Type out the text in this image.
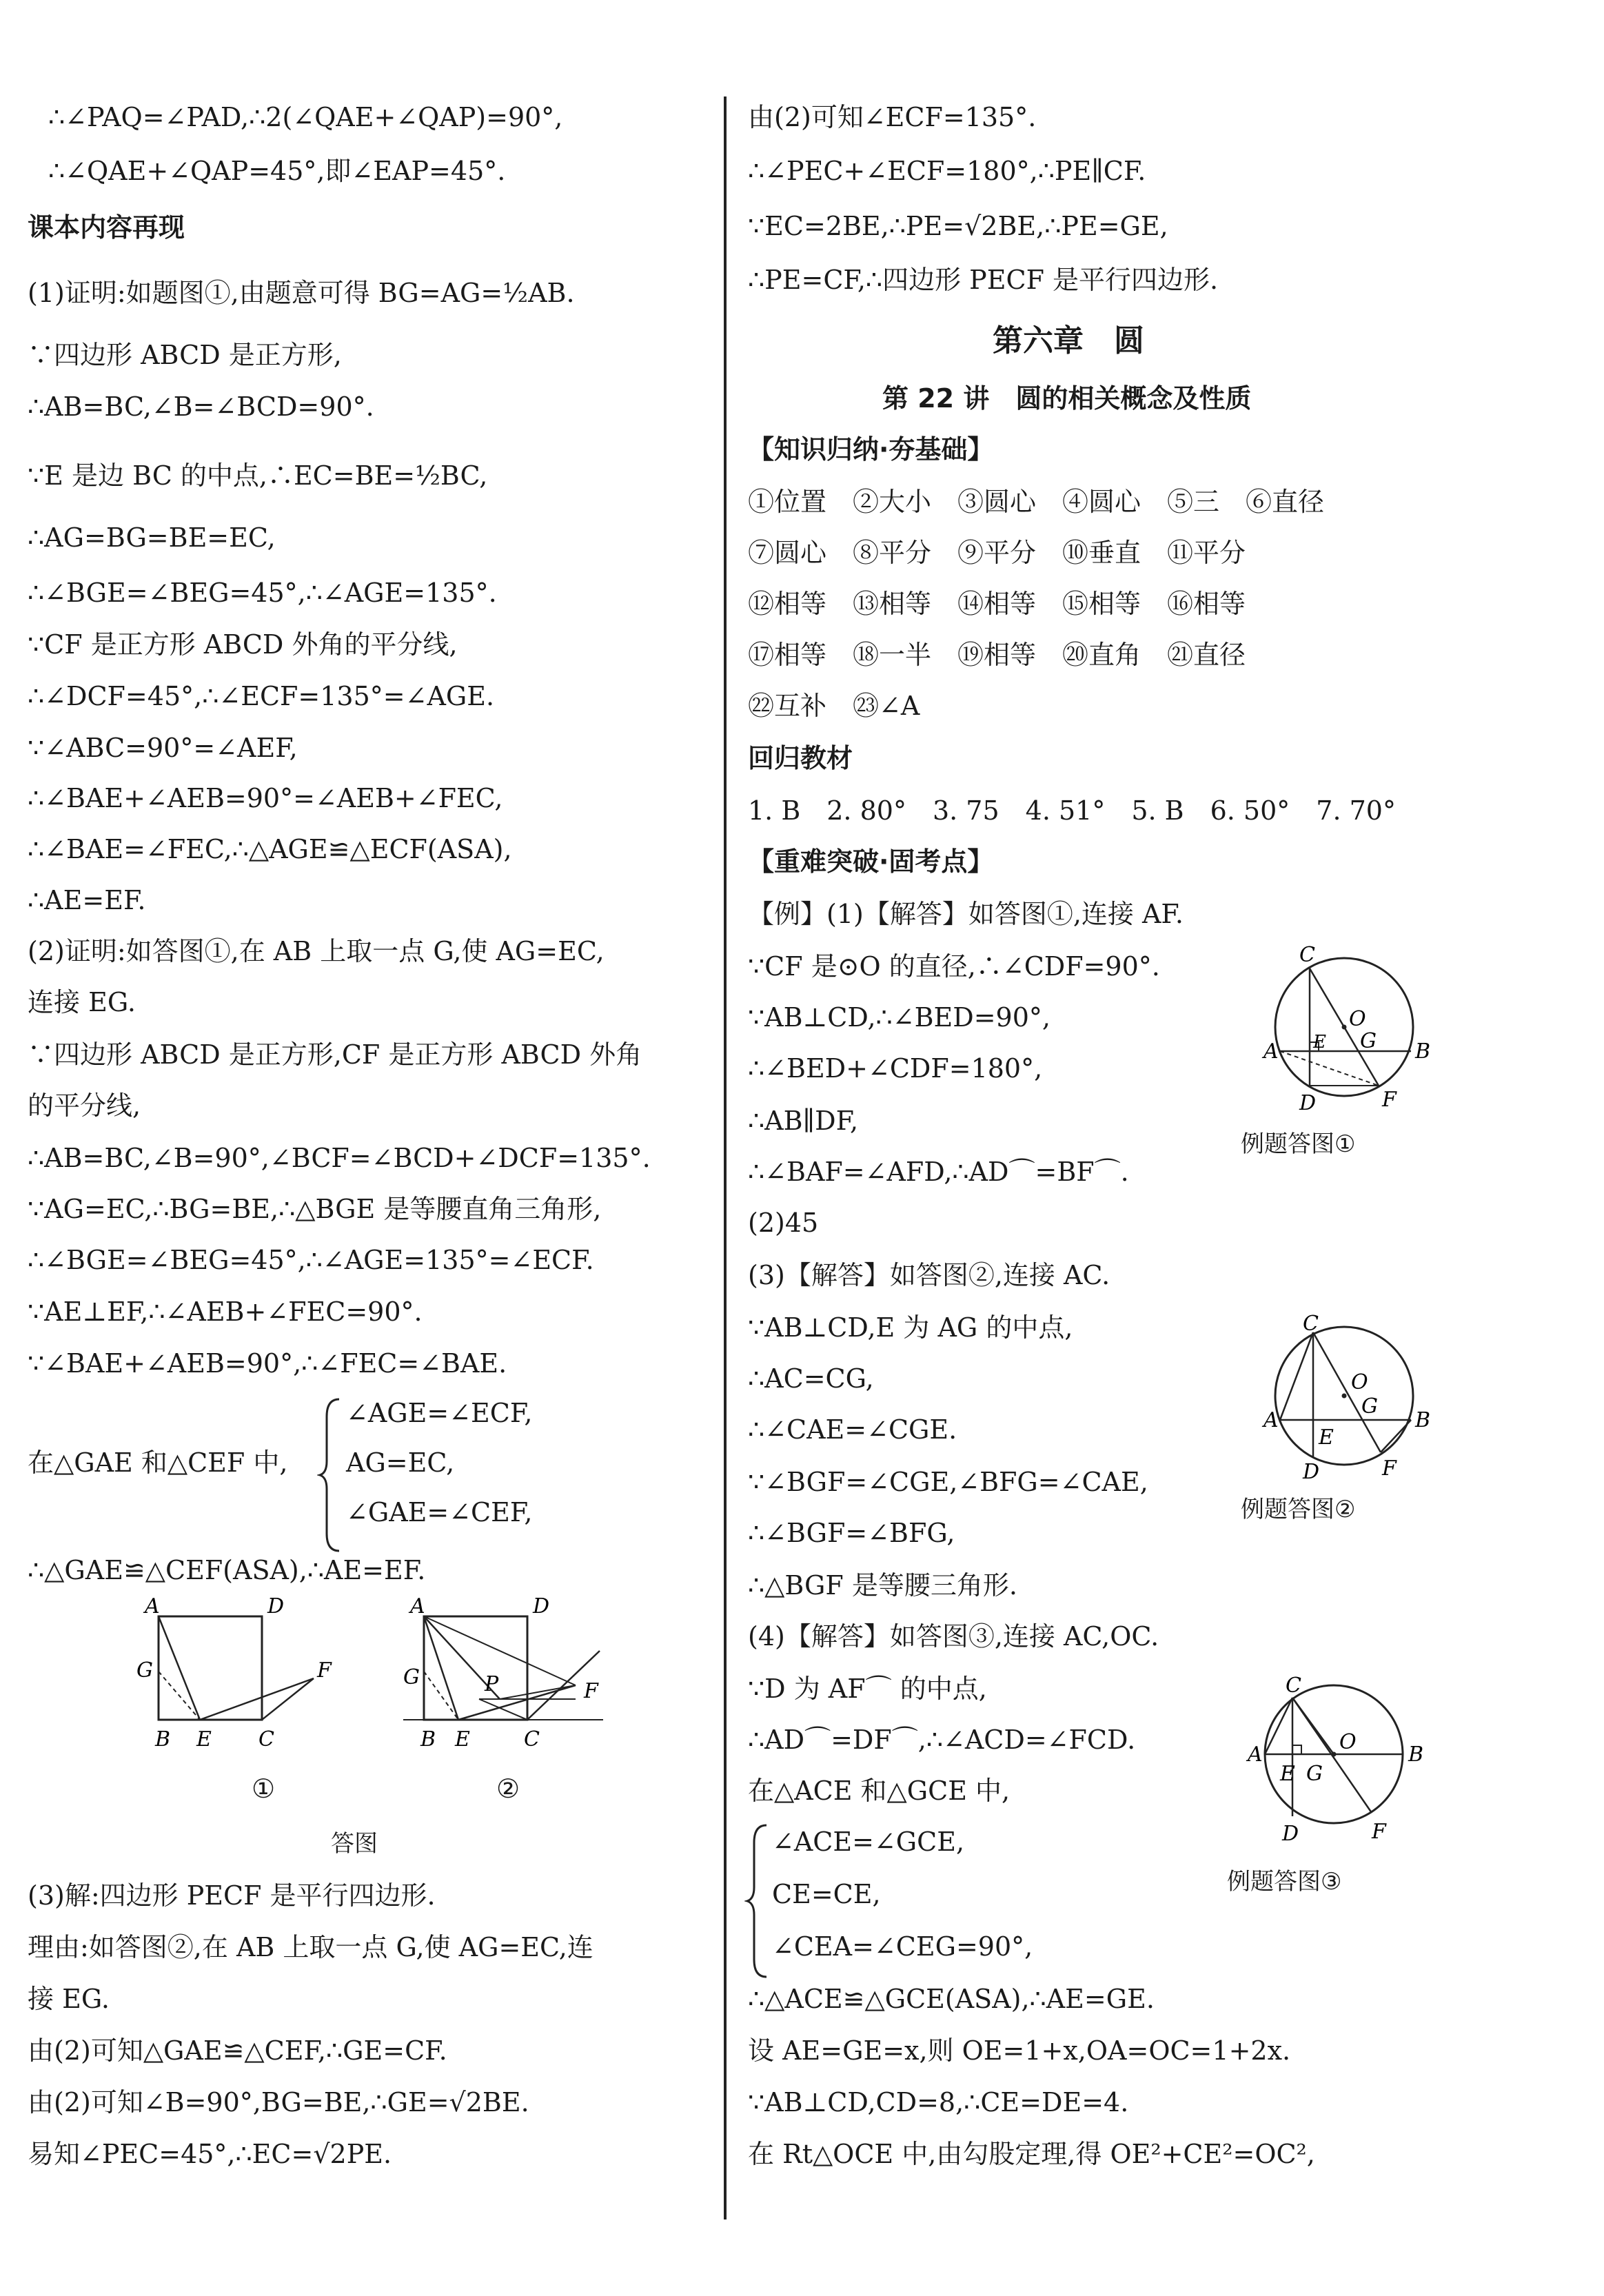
∴∠PAQ=∠PAD,∴2(∠QAE+∠QAP)=90°,
∴∠QAE+∠QAP=45°,即∠EAP=45°.
课本内容再现
(1)证明:如题图①,由题意可得 BG=AG=½AB.
∵四边形 ABCD 是正方形,
∴AB=BC,∠B=∠BCD=90°.
∵E 是边 BC 的中点,∴EC=BE=½BC,
∴AG=BG=BE=EC,
∴∠BGE=∠BEG=45°,∴∠AGE=135°.
∵CF 是正方形 ABCD 外角的平分线,
∴∠DCF=45°,∴∠ECF=135°=∠AGE.
∵∠ABC=90°=∠AEF,
∴∠BAE+∠AEB=90°=∠AEB+∠FEC,
∴∠BAE=∠FEC,∴△AGE≌△ECF(ASA),
∴AE=EF.
(2)证明:如答图①,在 AB 上取一点 G,使 AG=EC,
连接 EG.
∵四边形 ABCD 是正方形,CF 是正方形 ABCD 外角
的平分线,
∴AB=BC,∠B=90°,∠BCF=∠BCD+∠DCF=135°.
∵AG=EC,∴BG=BE,∴△BGE 是等腰直角三角形,
∴∠BGE=∠BEG=45°,∴∠AGE=135°=∠ECF.
∵AE⊥EF,∴∠AEB+∠FEC=90°.
∵∠BAE+∠AEB=90°,∴∠FEC=∠BAE.
在△GAE 和△CEF 中,
∠AGE=∠ECF,
AG=EC,
∠GAE=∠CEF,
∴△GAE≌△CEF(ASA),∴AE=EF.
A	D
G	F
B E C
A	D
P
G
F
B E	C
①	②
答图
(3)解:四边形 PECF 是平行四边形.
理由:如答图②,在 AB 上取一点 G,使 AG=EC,连
接 EG.
由(2)可知△GAE≌△CEF,∴GE=CF.
由(2)可知∠B=90°,BG=BE,∴GE=√2BE.
易知∠PEC=45°,∴EC=√2PE.
由(2)可知∠ECF=135°.
∴∠PEC+∠ECF=180°,∴PE∥CF.
∵EC=2BE,∴PE=√2BE,∴PE=GE,
∴PE=CF,∴四边形 PECF 是平行四边形.
第六章　圆
第 22 讲　圆的相关概念及性质
【知识归纳·夯基础】
①位置　②大小　③圆心　④圆心　⑤三　⑥直径
⑦圆心　⑧平分　⑨平分　⑩垂直　⑪平分
⑫相等　⑬相等　⑭相等　⑮相等　⑯相等
⑰相等　⑱一半　⑲相等　⑳直角　㉑直径
㉒互补　㉓∠A
回归教材
1. B　2. 80°　3. 75　4. 51°　5. B　6. 50°　7. 70°
【重难突破·固考点】
【例】(1)【解答】如答图①,连接 AF.
∵CF 是⊙O 的直径,∴∠CDF=90°.
∵AB⊥CD,∴∠BED=90°,
∴∠BED+∠CDF=180°,
∴AB∥DF,
∴∠BAF=∠AFD,∴AD⌒=BF⌒.
(2)45
(3)【解答】如答图②,连接 AC.
∵AB⊥CD,E 为 AG 的中点,
∴AC=CG,
∴∠CAE=∠CGE.
∵∠BGF=∠CGE,∠BFG=∠CAE,
∴∠BGF=∠BFG,
∴△BGF 是等腰三角形.
(4)【解答】如答图③,连接 AC,OC.
∵D 为 AF⌒ 的中点,
∴AD⌒=DF⌒,∴∠ACD=∠FCD.
在△ACE 和△GCE 中,
∠ACE=∠GCE,
CE=CE,
∠CEA=∠CEG=90°,
∴△ACE≌△GCE(ASA),∴AE=GE.
设 AE=GE=x,则 OE=1+x,OA=OC=1+2x.
∵AB⊥CD,CD=8,∴CE=DE=4.
在 Rt△OCE 中,由勾股定理,得 OE²+CE²=OC²,
C
O
A E G B
D	F
例题答图①
C
O
A
E
G
B
D	F
例题答图②
C
O
A
E G
B
D	F
例题答图③
